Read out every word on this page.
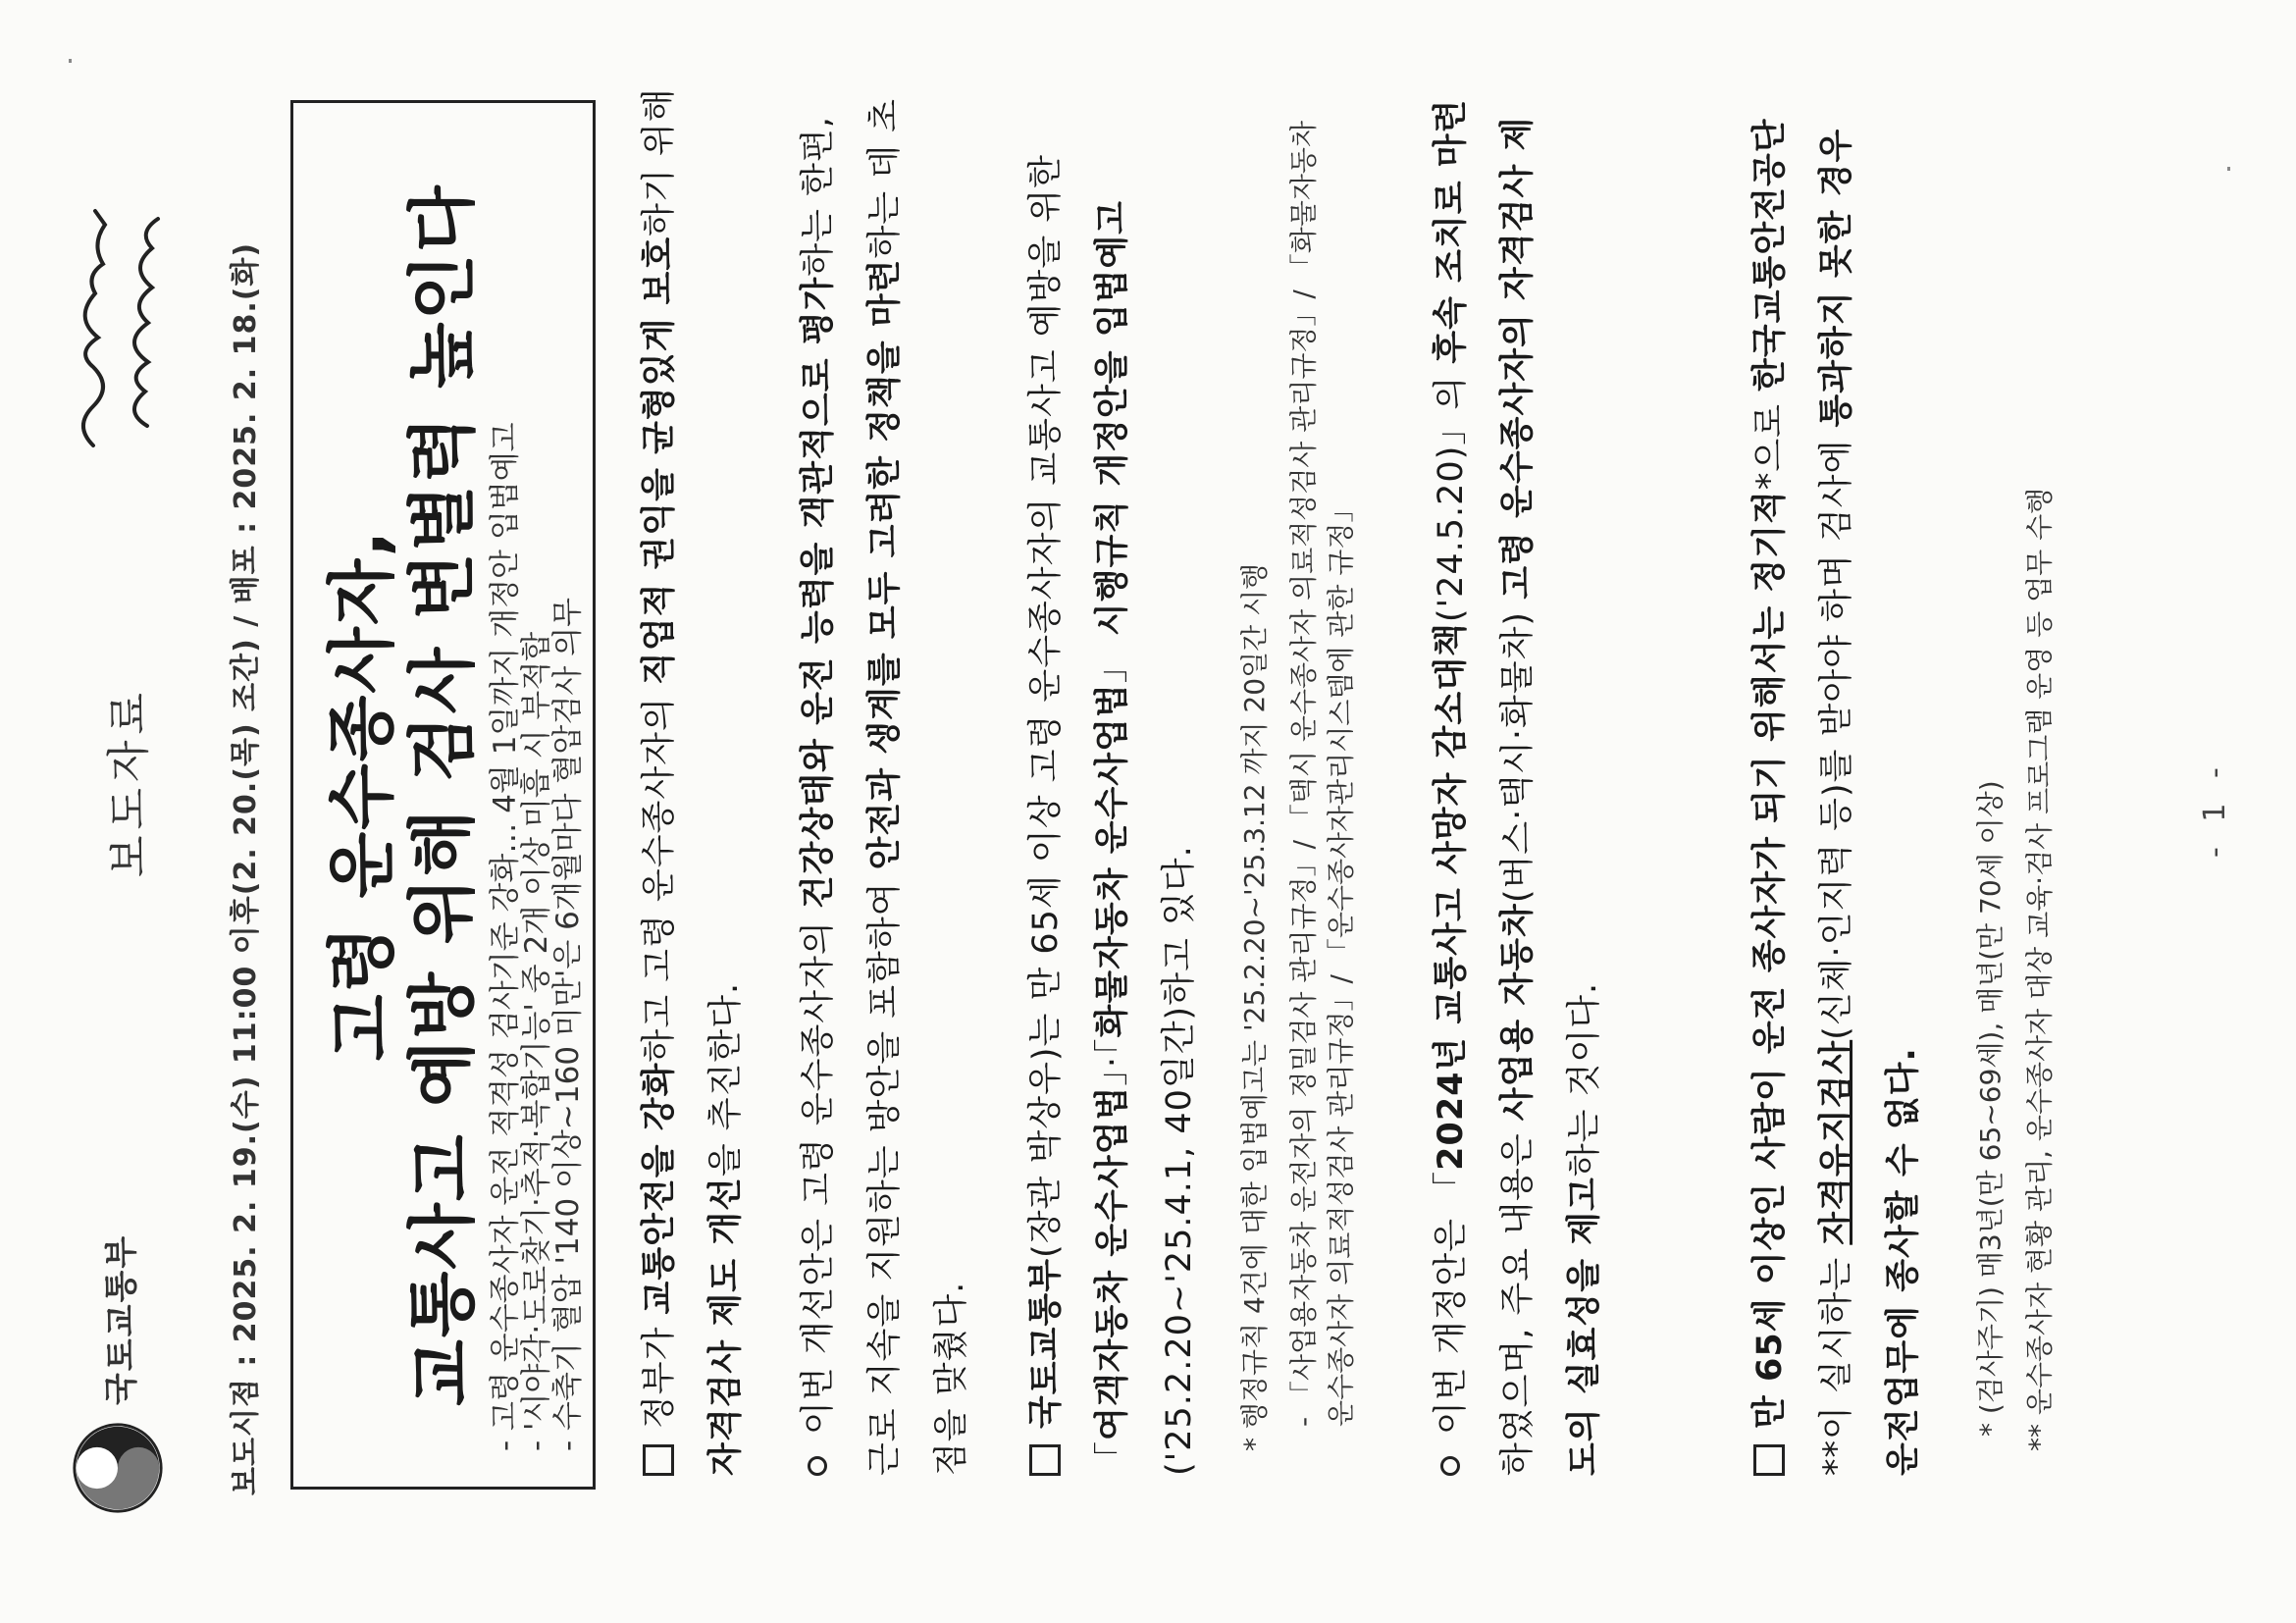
국토교통부
보도자료	보도시점 : 2025. 2. 19.(수) 11:00 이후(2. 20.(목) 조간) / 배포 : 2025. 2. 18.(화) 고령 운수종사자, 교통사고 예방 위해 검사 변별력 높인다 - 고령 운수종사자 운전 적격성 검사기준 강화… 4월 1일까지 개정안 입법예고
- '시야각·도로찾기·추적·복합기능' 중 2개 이상 미흡 시 부적합
- 수축기 혈압 '140 이상~160 미만'은 6개월마다 혈압검사 의무	정부가 교통안전을 강화하고 고령 운수종사자의 직업적 권익을 균형있게 보호하기 위해 자격검사 제도 개선을 추진한다.	이번 개선안은 고령 운수종사자의 건강상태와 운전 능력을 객관적으로 평가하는 한편, 근로 지속을 지원하는 방안을 포함하여 안전과 생계를 모두 고려한 정책을 마련하는 데 초점을 맞췄다.	국토교통부(장관 박상우)는 만 65세 이상 고령 운수종사자의 교통사고 예방을 위한 「여객자동차 운수사업법」·「화물자동차 운수사업법」 시행규칙 개정안을 입법예고('25.2.20~'25.4.1, 40일간)하고 있다.	* 행정규칙 4건에 대한 입법예고는 '25.2.20~'25.3.12 까지 20일간 시행 - 「사업용자동차 운전자의 정밀검사 관리규정」/ 「택시 운수종사자 의료적성검사 관리규정」/ 「화물자동차 운수종사자 의료적성검사 관리규정」/ 「운수종사자관리시스템에 관한 규정」	이번 개정안은 「2024년 교통사고 사망자 감소대책('24.5.20)」의 후속 조치로 마련하였으며, 주요 내용은 사업용 자동차(버스·택시·화물차) 고령 운수종사자의 자격검사 제도의 실효성을 제고하는 것이다.	만 65세 이상인 사람이 운전 종사자가 되기 위해서는 정기적*으로 한국교통안전공단**이 실시하는 자격유지검사(신체·인지력 등)를 받아야 하며 검사에 통과하지 못한 경우 운전업무에 종사할 수 없다.	* (검사주기) 매3년(만 65~69세), 매년(만 70세 이상) ** 운수종사자 현황 관리, 운수종사자 대상 교육·검사 프로그램 운영 등 업무 수행	- 1 -
